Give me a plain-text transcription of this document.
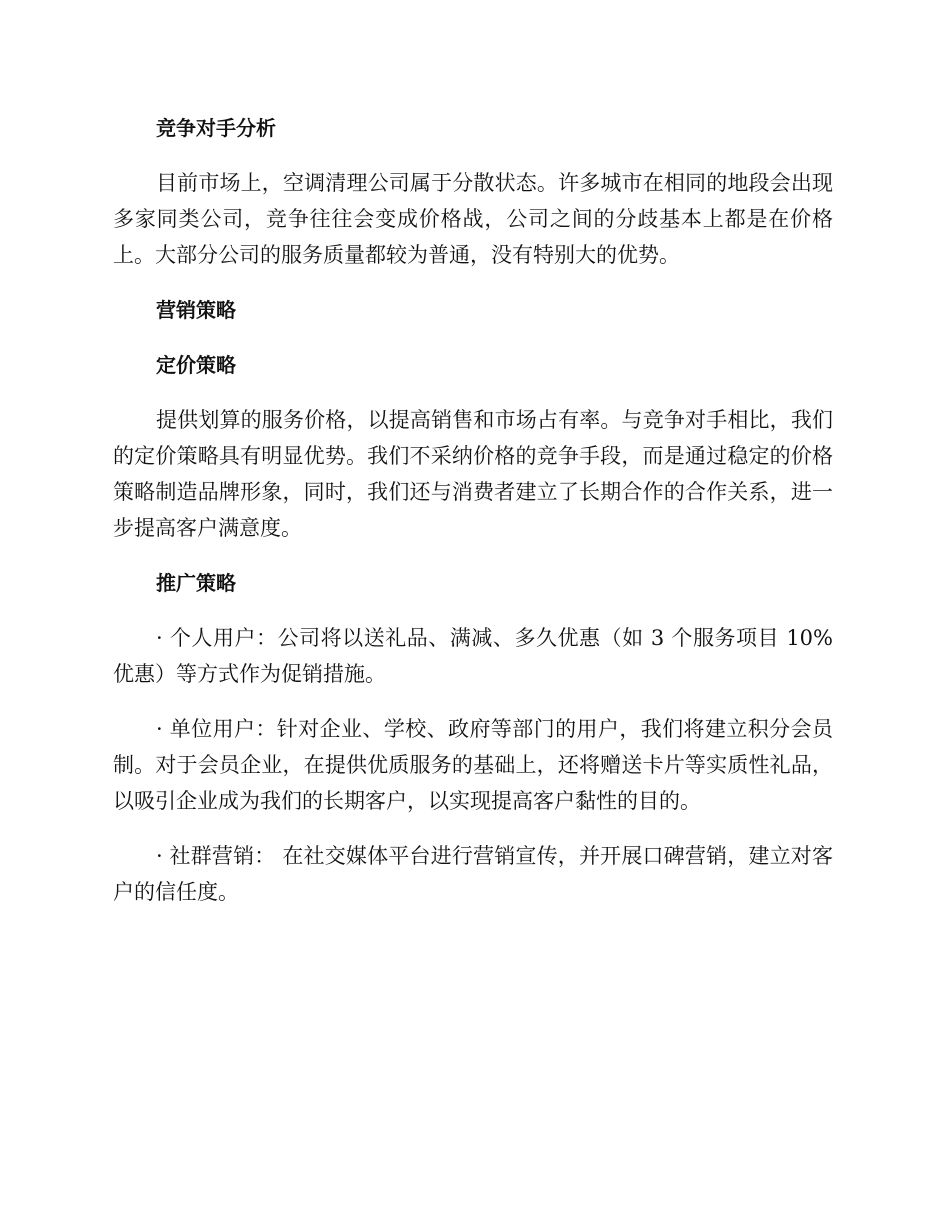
竞争对手分析
目前市场上，空调清理公司属于分散状态。许多城市在相同的地段会出现多家同类公司，竞争往往会变成价格战，公司之间的分歧基本上都是在价格上。大部分公司的服务质量都较为普通，没有特别大的优势。
营销策略
定价策略
提供划算的服务价格，以提高销售和市场占有率。与竞争对手相比，我们的定价策略具有明显优势。我们不采纳价格的竞争手段，而是通过稳定的价格策略制造品牌形象，同时，我们还与消费者建立了长期合作的合作关系，进一步提高客户满意度。
推广策略
· 个人用户：公司将以送礼品、满减、多久优惠（如 3 个服务项目 10% 优惠）等方式作为促销措施。
· 单位用户：针对企业、学校、政府等部门的用户，我们将建立积分会员制。对于会员企业，在提供优质服务的基础上，还将赠送卡片等实质性礼品，以吸引企业成为我们的长期客户，以实现提高客户黏性的目的。
· 社群营销： 在社交媒体平台进行营销宣传，并开展口碑营销，建立对客户的信任度。
